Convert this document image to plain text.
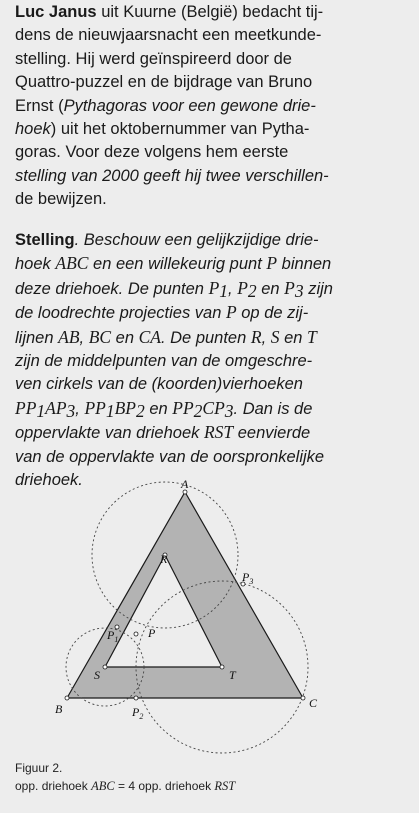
Luc Janus uit Kuurne (België) bedacht tij-
dens de nieuwjaarsnacht een meetkunde-
stelling. Hij werd geïnspireerd door de
Quattro-puzzel en de bijdrage van Bruno
Ernst (Pythagoras voor een gewone drie-
hoek) uit het oktobernummer van Pytha-
goras. Voor deze volgens hem eerste
stelling van 2000 geeft hij twee verschillen-
de bewijzen.
Stelling. Beschouw een gelijkzijdige drie-
hoek ABC en een willekeurig punt P binnen
deze driehoek. De punten $P_1$, $P_2$ en $P_3$ zijn
de loodrechte projecties van P op de zij-
lijnen AB, BC en CA. De punten R, S en T
zijn de middelpunten van de omgeschre-
ven cirkels van de (koorden)vierhoeken
$PP_1AP_3$, $PP_1BP_2$ en $PP_2CP_3$. Dan is de
oppervlakte van driehoek RST eenvierde
van de oppervlakte van de oorspronkelijke
driehoek.	A
B	C
R
S	T
P
$P_1$
$P_2$
$P_3$
Figuur 2.
opp. driehoek ABC = 4 opp. driehoek RST
